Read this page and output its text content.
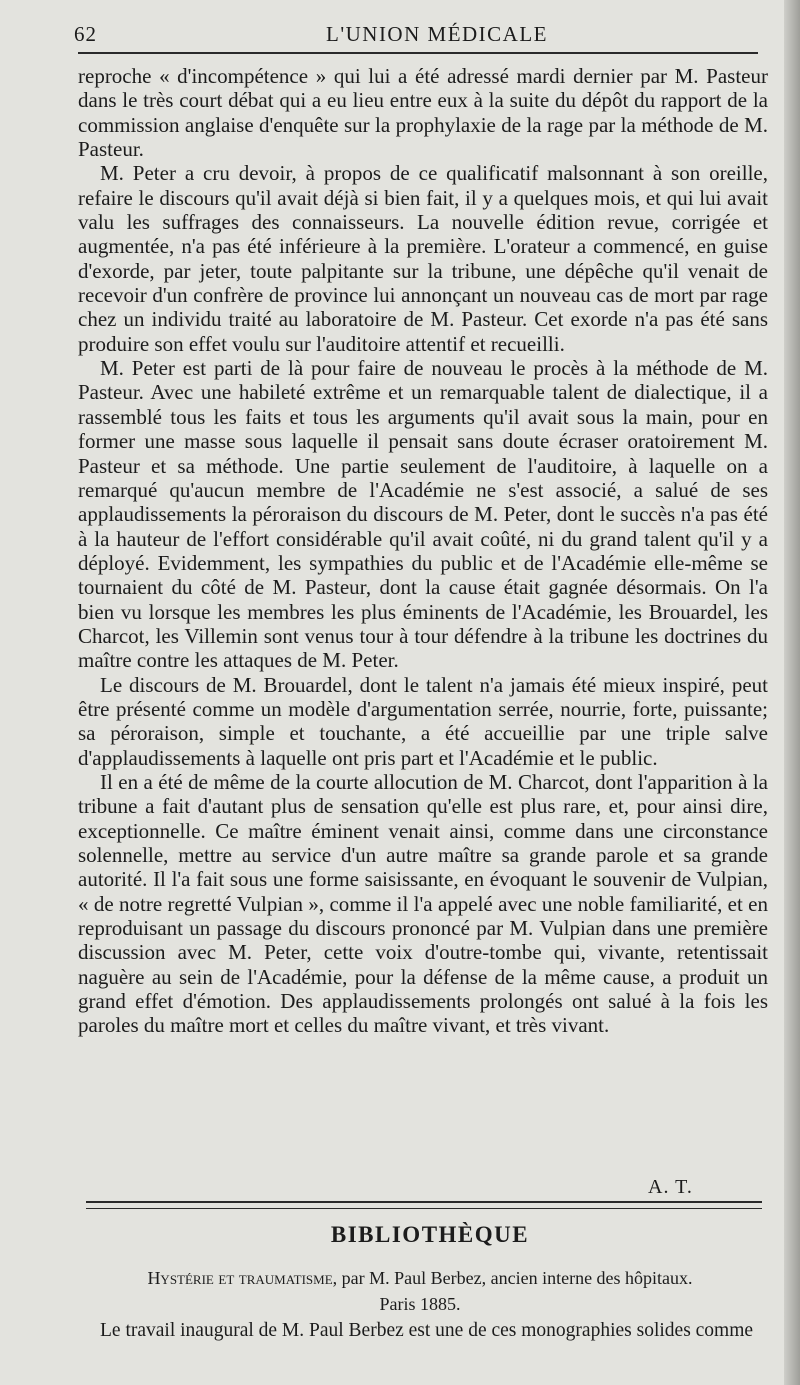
62	L'UNION MÉDICALE

reproche « d'incompétence » qui lui a été adressé mardi dernier par M. Pasteur dans le très court débat qui a eu lieu entre eux à la suite du dépôt du rapport de la commission anglaise d'enquête sur la prophylaxie de la rage par la méthode de M. Pasteur.

M. Peter a cru devoir, à propos de ce qualificatif malsonnant à son oreille, refaire le discours qu'il avait déjà si bien fait, il y a quelques mois, et qui lui avait valu les suffrages des connaisseurs. La nouvelle édition revue, corrigée et augmentée, n'a pas été inférieure à la première. L'orateur a commencé, en guise d'exorde, par jeter, toute palpitante sur la tribune, une dépêche qu'il venait de recevoir d'un confrère de province lui annonçant un nouveau cas de mort par rage chez un individu traité au laboratoire de M. Pasteur. Cet exorde n'a pas été sans produire son effet voulu sur l'auditoire attentif et recueilli.

M. Peter est parti de là pour faire de nouveau le procès à la méthode de M. Pasteur. Avec une habileté extrême et un remarquable talent de dialectique, il a rassemblé tous les faits et tous les arguments qu'il avait sous la main, pour en former une masse sous laquelle il pensait sans doute écraser oratoirement M. Pasteur et sa méthode. Une partie seulement de l'auditoire, à laquelle on a remarqué qu'aucun membre de l'Académie ne s'est associé, a salué de ses applaudissements la péroraison du discours de M. Peter, dont le succès n'a pas été à la hauteur de l'effort considérable qu'il avait coûté, ni du grand talent qu'il y a déployé. Evidemment, les sympathies du public et de l'Académie elle-même se tournaient du côté de M. Pasteur, dont la cause était gagnée désormais. On l'a bien vu lorsque les membres les plus éminents de l'Académie, les Brouardel, les Charcot, les Villemin sont venus tour à tour défendre à la tribune les doctrines du maître contre les attaques de M. Peter.

Le discours de M. Brouardel, dont le talent n'a jamais été mieux inspiré, peut être présenté comme un modèle d'argumentation serrée, nourrie, forte, puissante; sa péroraison, simple et touchante, a été accueillie par une triple salve d'applaudissements à laquelle ont pris part et l'Académie et le public.

Il en a été de même de la courte allocution de M. Charcot, dont l'apparition à la tribune a fait d'autant plus de sensation qu'elle est plus rare, et, pour ainsi dire, exceptionnelle. Ce maître éminent venait ainsi, comme dans une circonstance solennelle, mettre au service d'un autre maître sa grande parole et sa grande autorité. Il l'a fait sous une forme saisissante, en évoquant le souvenir de Vulpian, « de notre regretté Vulpian », comme il l'a appelé avec une noble familiarité, et en reproduisant un passage du discours prononcé par M. Vulpian dans une première discussion avec M. Peter, cette voix d'outre-tombe qui, vivante, retentissait naguère au sein de l'Académie, pour la défense de la même cause, a produit un grand effet d'émotion. Des applaudissements prolongés ont salué à la fois les paroles du maître mort et celles du maître vivant, et très vivant.

A. T.
BIBLIOTHÈQUE
Hystérie et traumatisme, par M. Paul Berbez, ancien interne des hôpitaux.
Paris 1885.
Le travail inaugural de M. Paul Berbez est une de ces monographies solides comme
